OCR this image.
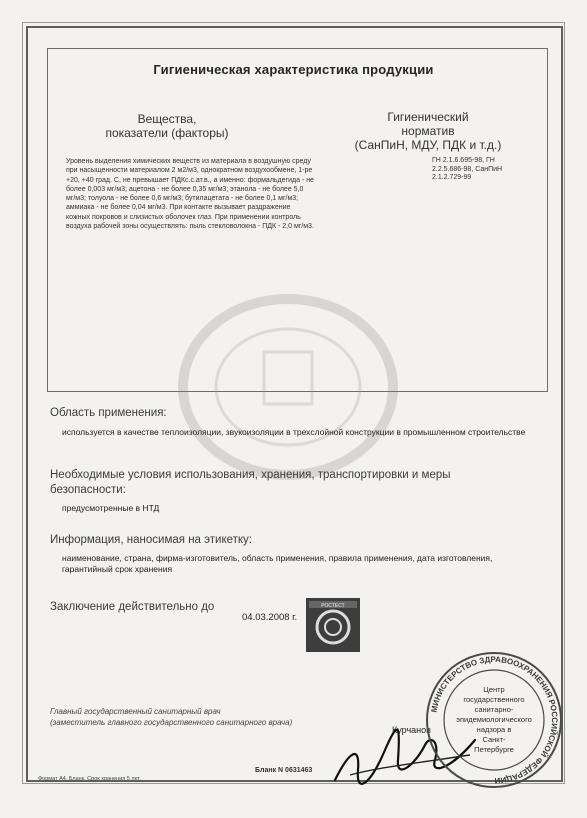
Гигиеническая характеристика продукции
Вещества,
показатели (факторы)
Гигиенический
норматив
(СанПиН, МДУ, ПДК и т.д.)
Уровень выделения химических веществ из материала в воздушную среду
при насыщенности материалом 2 м2/м3, однократном воздухообмене, 1-ре
+20, +40 град. С, не превышает ПДКс.с.ат.в., а именно: формальдегида - не
более 0,003 мг/м3; ацетона - не более 0,35 мг/м3; этанола - не более 5,0
мг/м3; толуола - не более 0,6 мг/м3; бутилацетата - не более 0,1 мг/м3;
аммиака - не более 0,04 мг/м3. При контакте вызывает раздражение
кожных покровов и слизистых оболочек глаз. При применении контроль
воздуха рабочей зоны осуществлять: пыль стекловолокна - ПДК - 2,0 мг/м3.
ГН 2.1.6.695-98, ГН
2.2.5.686-98, СанПиН
2.1.2.729-99
Область применения:
используется в качестве теплоизоляции, звукоизоляции в трехслойной конструкции в промышленном строительстве
Необходимые условия использования, хранения, транспортировки и меры
безопасности:
предусмотренные в НТД
Информация, наносимая на этикетку:
наименование, страна, фирма-изготовитель, область применения, правила применения, дата изготовления, гарантийный срок хранения
Заключение действительно до
04.03.2008 г.
РОСТЕСТ
Главный государственный санитарный врач
(заместитель главного государственного санитарного врача)
Курчанов
МИНИСТЕРСТВО ЗДРАВООХРАНЕНИЯ РОССИЙСКОЙ ФЕДЕРАЦИИ
Центр
государственного
санитарно-
эпидемиологического
надзора в
Санкт-
Петербурге
Бланк N 0631463
Формат А4. Бланк. Срок хранения 5 лет.
